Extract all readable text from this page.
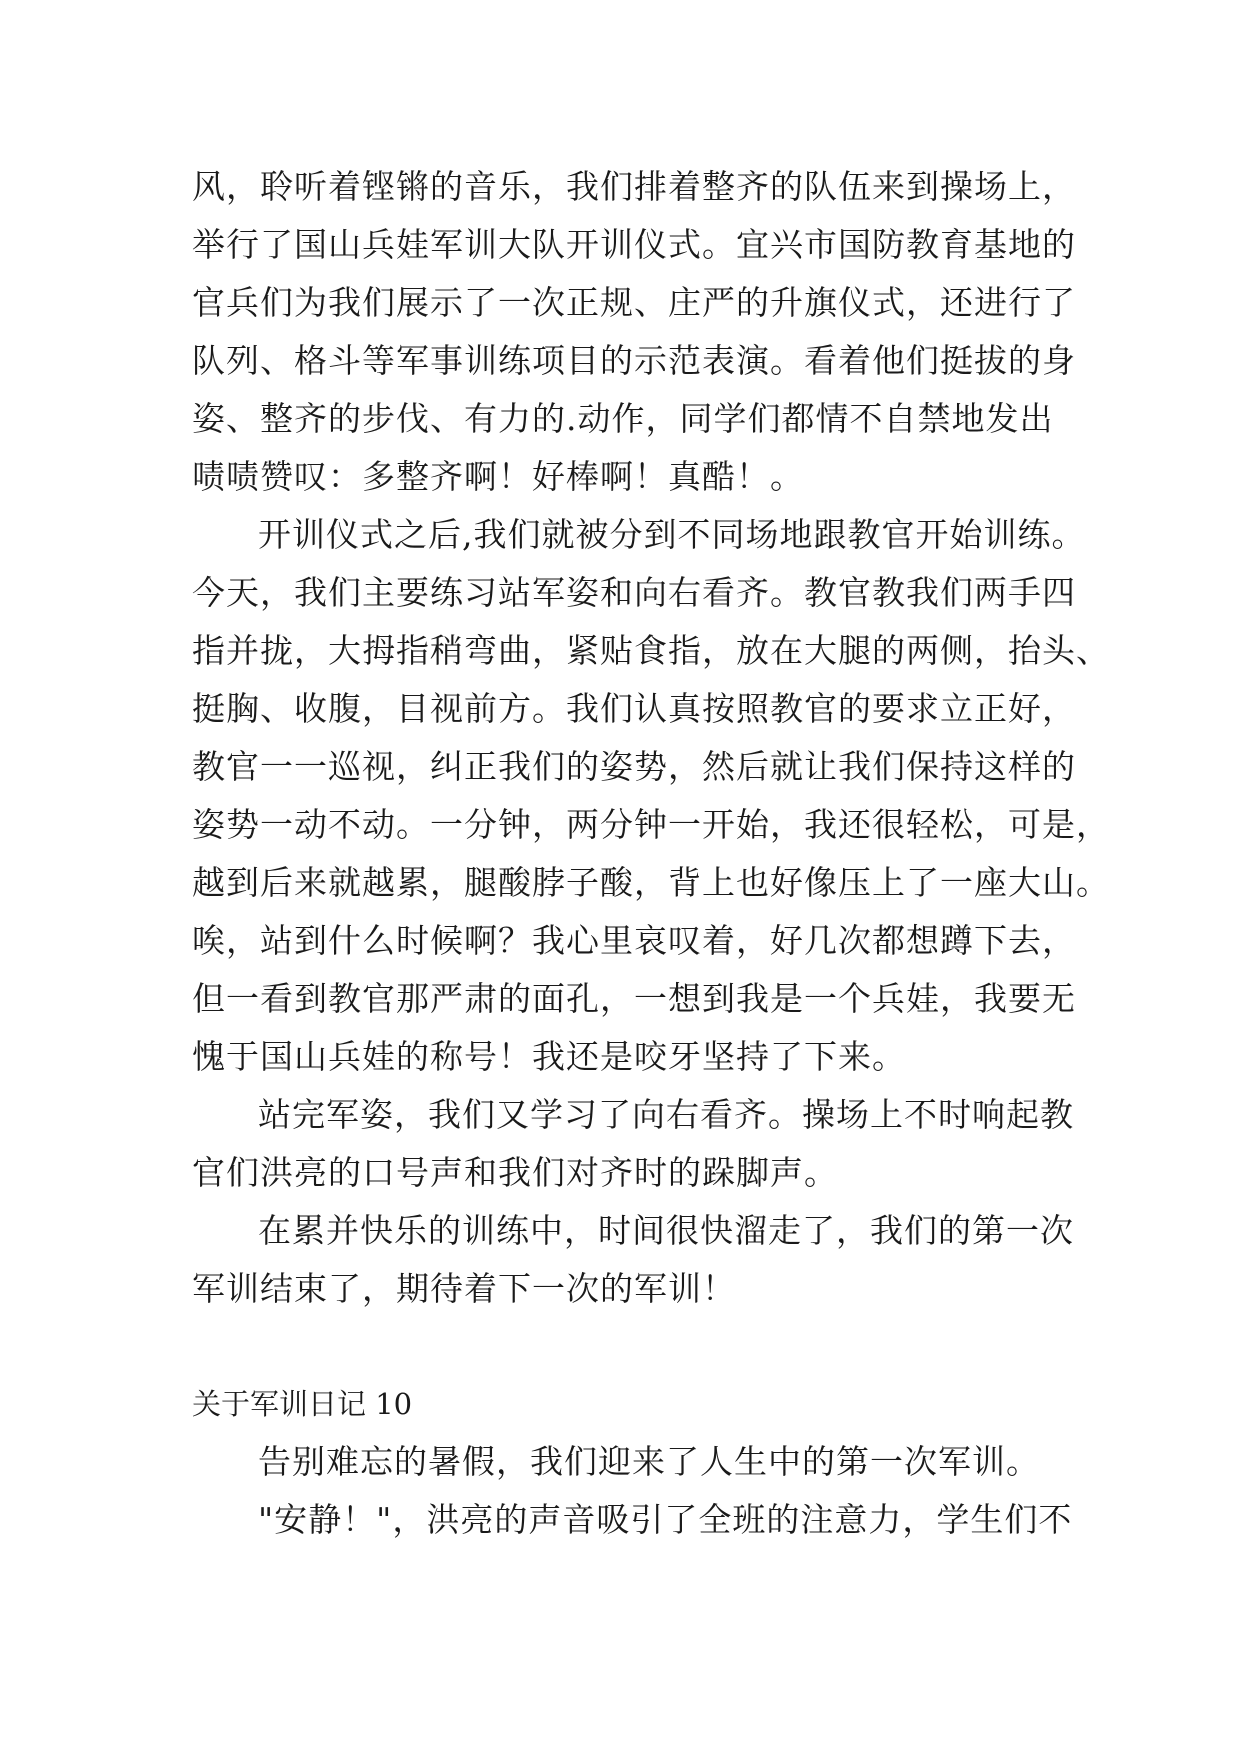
风，聆听着铿锵的音乐，我们排着整齐的队伍来到操场上，
举行了国山兵娃军训大队开训仪式。宜兴市国防教育基地的
官兵们为我们展示了一次正规、庄严的升旗仪式，还进行了
队列、格斗等军事训练项目的示范表演。看着他们挺拔的身
姿、整齐的步伐、有力的.动作，同学们都情不自禁地发出
啧啧赞叹：多整齐啊！好棒啊！真酷！。
开训仪式之后,我们就被分到不同场地跟教官开始训练。
今天，我们主要练习站军姿和向右看齐。教官教我们两手四
指并拢，大拇指稍弯曲，紧贴食指，放在大腿的两侧，抬头、
挺胸、收腹，目视前方。我们认真按照教官的要求立正好，
教官一一巡视，纠正我们的姿势，然后就让我们保持这样的
姿势一动不动。一分钟，两分钟一开始，我还很轻松，可是，
越到后来就越累，腿酸脖子酸，背上也好像压上了一座大山。
唉，站到什么时候啊？我心里哀叹着，好几次都想蹲下去，
但一看到教官那严肃的面孔，一想到我是一个兵娃，我要无
愧于国山兵娃的称号！我还是咬牙坚持了下来。
站完军姿，我们又学习了向右看齐。操场上不时响起教
官们洪亮的口号声和我们对齐时的跺脚声。
在累并快乐的训练中，时间很快溜走了，我们的第一次
军训结束了，期待着下一次的军训！
关于军训日记 10
告别难忘的暑假，我们迎来了人生中的第一次军训。
"安静！"，洪亮的声音吸引了全班的注意力，学生们不
